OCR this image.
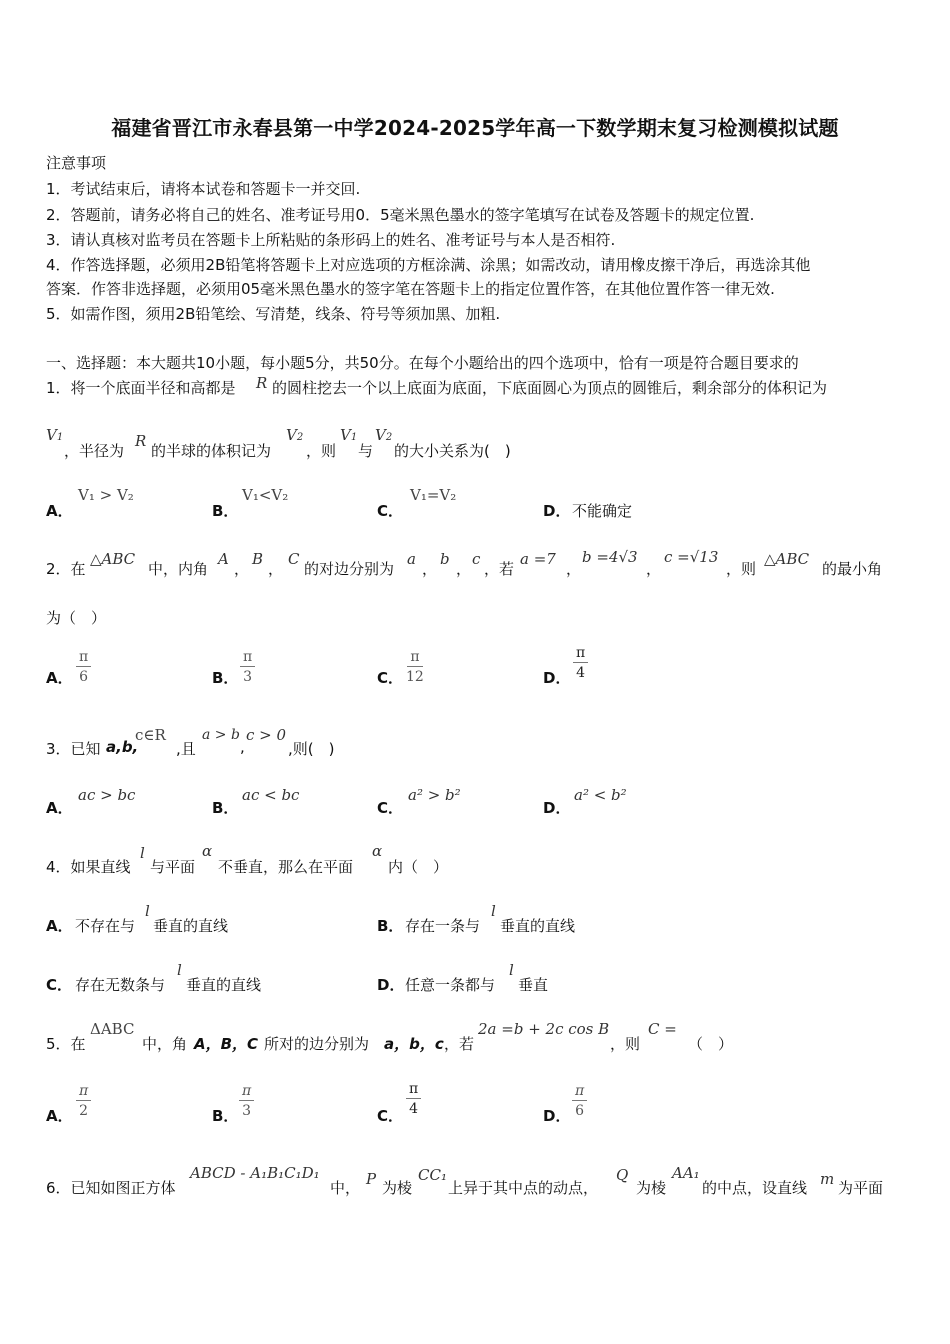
福建省晋江市永春县第一中学2024-2025学年高一下数学期末复习检测模拟试题
注意事项
1．考试结束后，请将本试卷和答题卡一并交回.
2．答题前，请务必将自己的姓名、准考证号用0．5毫米黑色墨水的签字笔填写在试卷及答题卡的规定位置.
3．请认真核对监考员在答题卡上所粘贴的条形码上的姓名、准考证号与本人是否相符.
4．作答选择题，必须用2B铅笔将答题卡上对应选项的方框涂满、涂黑；如需改动，请用橡皮擦干净后，再选涂其他
答案．作答非选择题，必须用05毫米黑色墨水的签字笔在答题卡上的指定位置作答，在其他位置作答一律无效.
5．如需作图，须用2B铅笔绘、写清楚，线条、符号等须加黑、加粗.
一、选择题：本大题共10小题，每小题5分，共50分。在每个小题给出的四个选项中，恰有一项是符合题目要求的
1．将一个底面半径和高都是 R 的圆柱挖去一个以上底面为底面，下底面圆心为顶点的圆锥后，剩余部分的体积记为
V1
，半径为
R
的半球的体积记为
V2
，则
V1
与
V2
的大小关系为(　)
A．
V₁ > V₂
B．
V₁<V₂
C．
V₁=V₂
D． 不能确定
2．在
△ABC
中，内角
A
，
B
，
C
的对边分别为
a
，
b
，
c
，若
a =7
，
b =4√3
，
c =√13
，则
△ABC
的最小角
为（　）
A． $\frac{\pi}{6}$	B． $\frac{\pi}{3}$	C． $\frac{\pi}{12}$	D． $\frac{\pi}{4}$
3．已知 a,b,
c∈R
,且
a > b
,
c > 0
,则(　)
A．
ac > bc
B．
ac < bc
C．
a² > b²
D．
a² < b²
4．如果直线
l
与平面
α
不垂直，那么在平面
α
内（　）
A． 不存在与
l
垂直的直线	B． 存在一条与
l
垂直的直线
C． 存在无数条与
l
垂直的直线	D． 任意一条都与
l
垂直
5．在
ΔABC
中，角 A，B，C 所对的边分别为 a，b，c ，若
2a =b + 2c cos B
，则
C =
（　）
A． $\frac{\pi}{2}$	B． $\frac{\pi}{3}$	C． $\frac{\pi}{4}$	D． $\frac{\pi}{6}$
6．已知如图正方体
ABCD - A₁B₁C₁D₁
中， P 为棱
CC₁
上异于其中点的动点，
Q
为棱
AA₁
的中点，设直线 m 为平面
